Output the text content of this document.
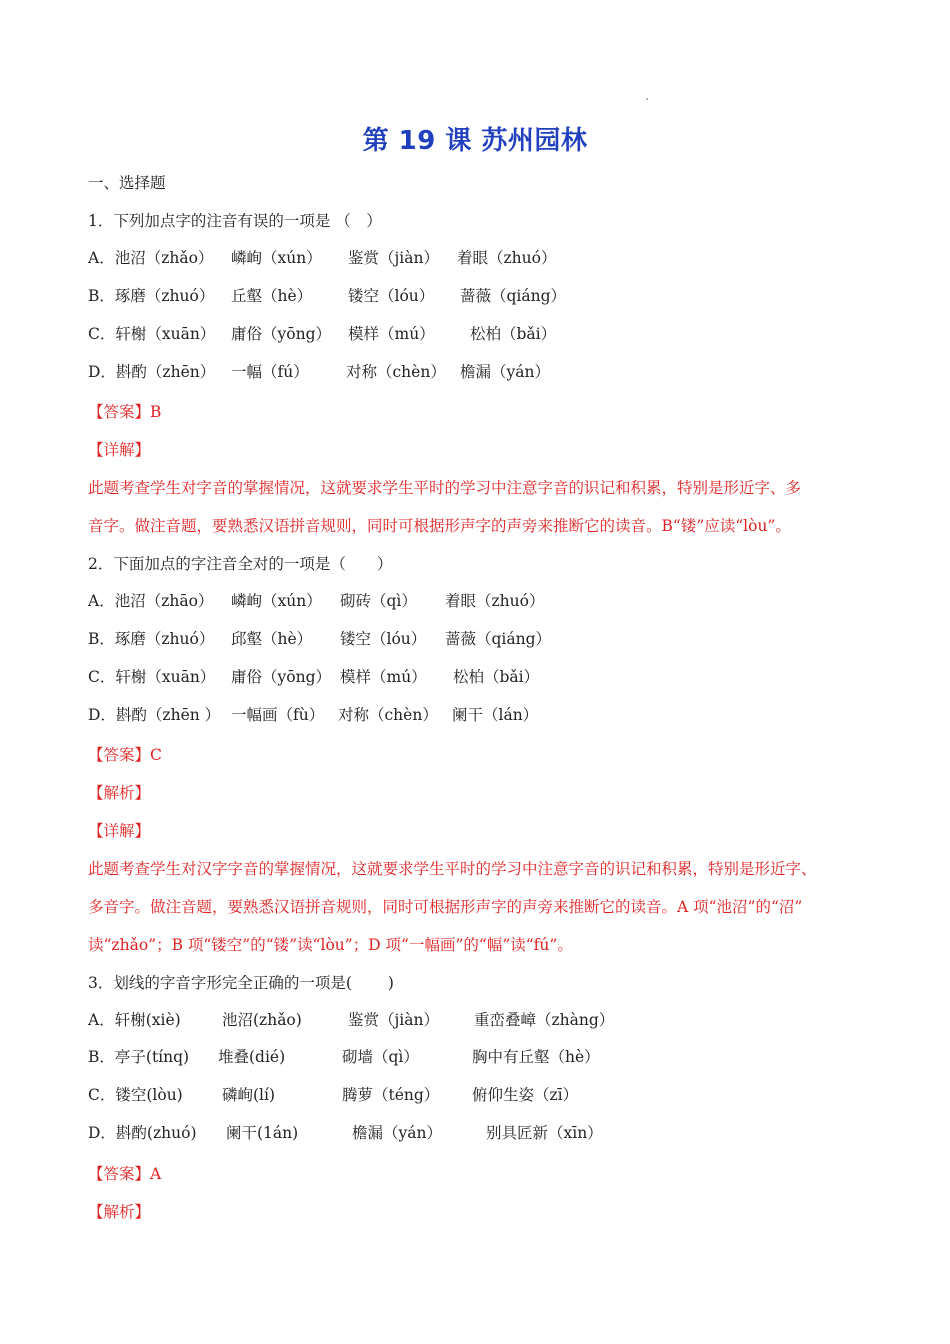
第 19 课 苏州园林
一、选择题
1．下列加点字的注音有误的一项是 （　）
A．池沼（zhǎo） 嶙峋（xún） 鉴赏（jiàn） 着眼（zhuó）
B．琢磨（zhuó） 丘壑（hè） 镂空（lóu） 蔷薇（qiáng）
C．轩榭（xuān） 庸俗（yōng） 模样（mú） 松柏（bǎi）
D．斟酌（zhēn） 一幅（fú） 对称（chèn） 檐漏（yán）
【答案】B
【详解】
此题考查学生对字音的掌握情况，这就要求学生平时的学习中注意字音的识记和积累，特别是形近字、多
音字。做注音题，要熟悉汉语拼音规则，同时可根据形声字的声旁来推断它的读音。B“镂”应读“lòu”。
2．下面加点的字注音全对的一项是（　　）
A．池沼（zhāo） 嶙峋（xún） 砌砖（qì） 着眼（zhuó）
B．琢磨（zhuó） 邱壑（hè） 镂空（lóu） 蔷薇（qiáng）
C．轩榭（xuān） 庸俗（yōng） 模样（mú） 松柏（bǎi）
D．斟酌（zhēn ） 一幅画（fù） 对称（chèn） 阑干（lán）
【答案】C
【解析】
【详解】
此题考查学生对汉字字音的掌握情况，这就要求学生平时的学习中注意字音的识记和积累，特别是形近字、
多音字。做注音题，要熟悉汉语拼音规则，同时可根据形声字的声旁来推断它的读音。A 项“池沼”的“沼”
读“zhǎo”；B 项“镂空”的“镂”读“lòu”；D 项“一幅画”的“幅”读“fú”。
3．划线的字音字形完全正确的一项是(　　 )
A．轩榭(xiè)	池沼(zhǎo)	鉴赏（jiàn） 重峦叠嶂（zhàng）
B．亭子(tínq) 堆叠(dié)	砌墙（qì）	胸中有丘壑（hè）
C．镂空(lòu)	磷峋(lí)	腾萝（téng） 俯仰生姿（zī）
D．斟酌(zhuó) 阑干(1án)	檐漏（yán）	别具匠新（xīn）
【答案】A
【解析】
